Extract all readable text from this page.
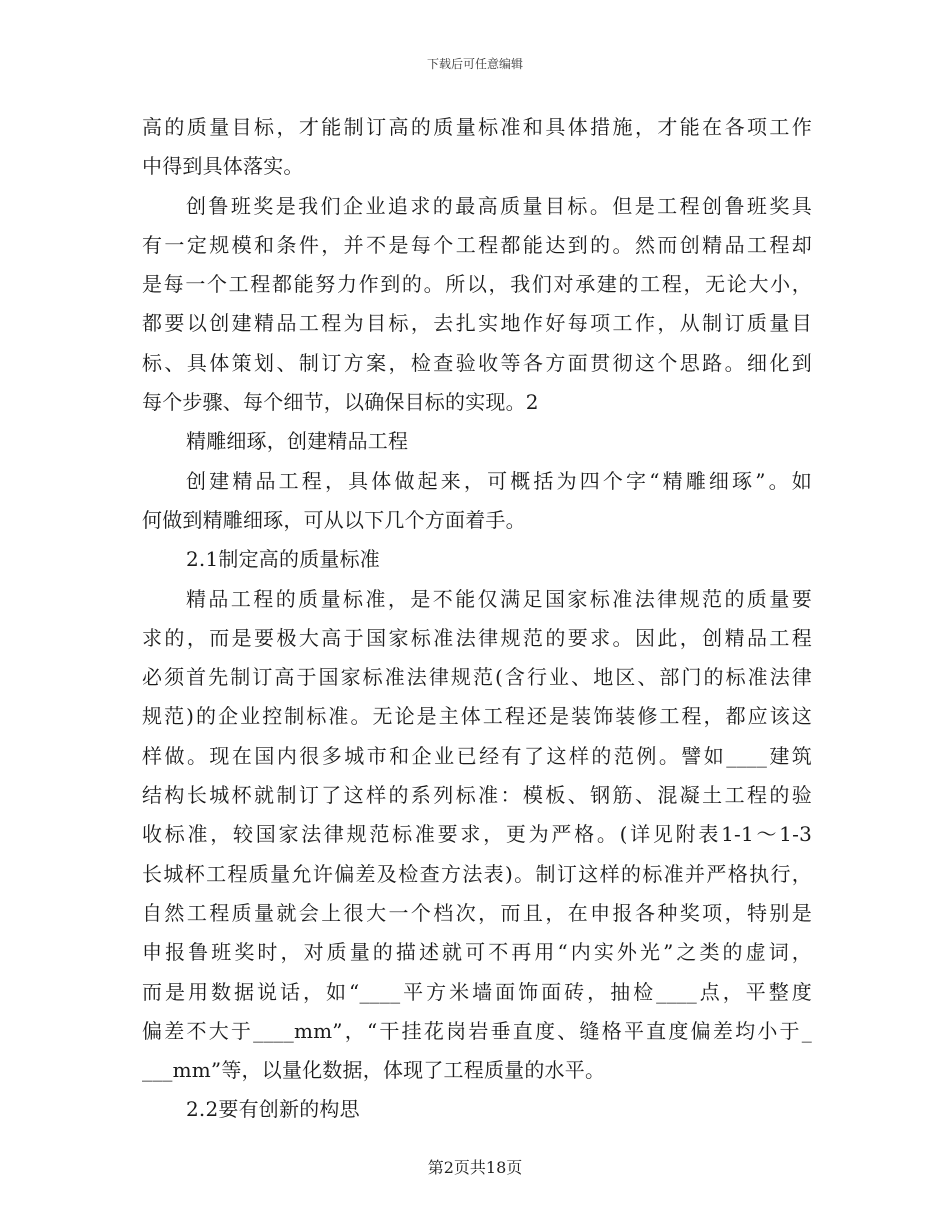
下载后可任意编辑
高的质量目标，才能制订高的质量标准和具体措施，才能在各项工作
中得到具体落实。
创鲁班奖是我们企业追求的最高质量目标。但是工程创鲁班奖具
有一定规模和条件，并不是每个工程都能达到的。然而创精品工程却
是每一个工程都能努力作到的。所以，我们对承建的工程，无论大小，
都要以创建精品工程为目标，去扎实地作好每项工作，从制订质量目
标、具体策划、制订方案，检查验收等各方面贯彻这个思路。细化到
每个步骤、每个细节，以确保目标的实现。2
精雕细琢，创建精品工程
创建精品工程，具体做起来，可概括为四个字“精雕细琢”。如
何做到精雕细琢，可从以下几个方面着手。
2.1制定高的质量标准
精品工程的质量标准，是不能仅满足国家标准法律规范的质量要
求的，而是要极大高于国家标准法律规范的要求。因此，创精品工程
必须首先制订高于国家标准法律规范(含行业、地区、部门的标准法律
规范)的企业控制标准。无论是主体工程还是装饰装修工程，都应该这
样做。现在国内很多城市和企业已经有了这样的范例。譬如____建筑
结构长城杯就制订了这样的系列标准：模板、钢筋、混凝土工程的验
收标准，较国家法律规范标准要求，更为严格。(详见附表1-1～1-3
长城杯工程质量允许偏差及检查方法表)。制订这样的标准并严格执行，
自然工程质量就会上很大一个档次，而且，在申报各种奖项，特别是
申报鲁班奖时，对质量的描述就可不再用“内实外光”之类的虚词，
而是用数据说话，如“____平方米墙面饰面砖，抽检____点，平整度
偏差不大于____mm”，“干挂花岗岩垂直度、缝格平直度偏差均小于_
___mm”等，以量化数据，体现了工程质量的水平。
2.2要有创新的构思
第2页共18页
